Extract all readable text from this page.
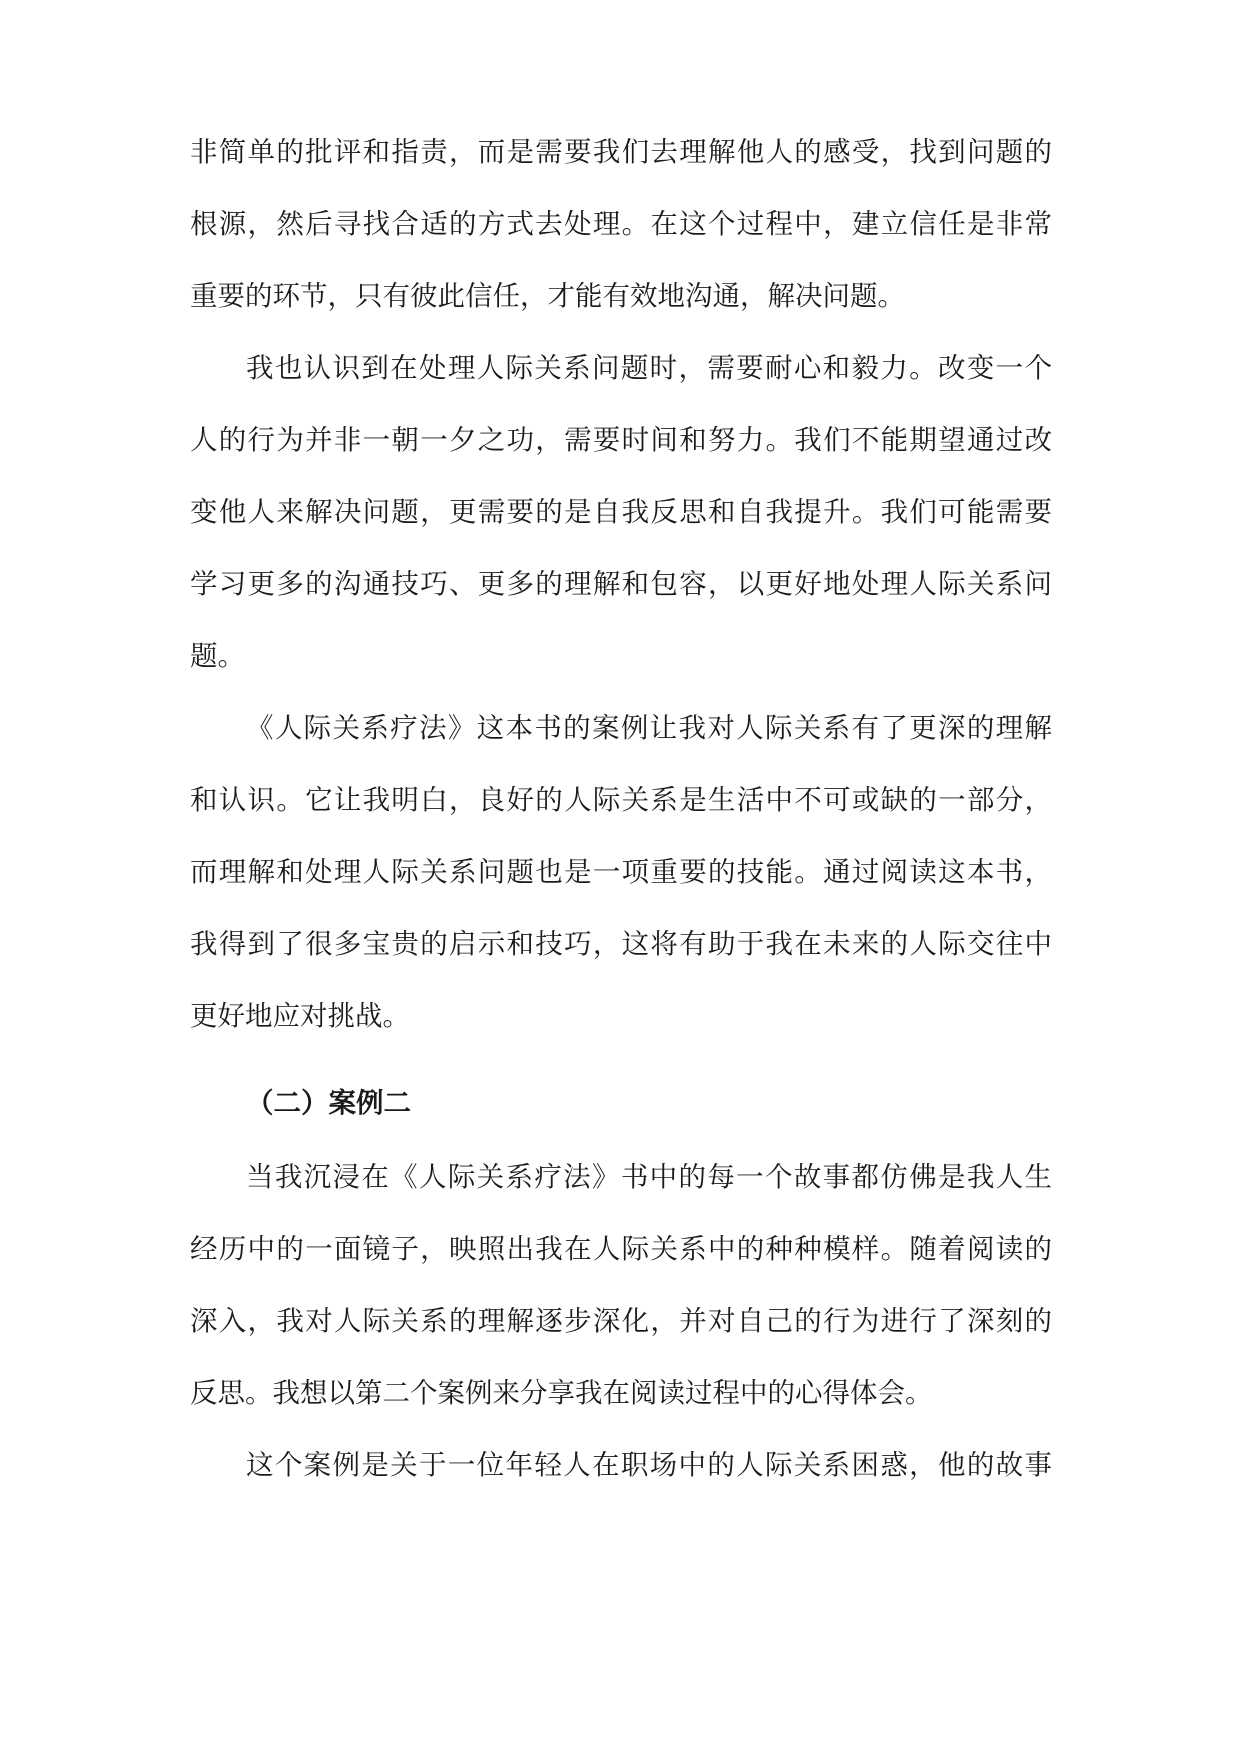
非简单的批评和指责，而是需要我们去理解他人的感受，找到问题的
根源，然后寻找合适的方式去处理。在这个过程中，建立信任是非常
重要的环节，只有彼此信任，才能有效地沟通，解决问题。
我也认识到在处理人际关系问题时，需要耐心和毅力。改变一个
人的行为并非一朝一夕之功，需要时间和努力。我们不能期望通过改
变他人来解决问题，更需要的是自我反思和自我提升。我们可能需要
学习更多的沟通技巧、更多的理解和包容，以更好地处理人际关系问
题。
《人际关系疗法》这本书的案例让我对人际关系有了更深的理解
和认识。它让我明白，良好的人际关系是生活中不可或缺的一部分，
而理解和处理人际关系问题也是一项重要的技能。通过阅读这本书，
我得到了很多宝贵的启示和技巧，这将有助于我在未来的人际交往中
更好地应对挑战。
（二）案例二
当我沉浸在《人际关系疗法》书中的每一个故事都仿佛是我人生
经历中的一面镜子，映照出我在人际关系中的种种模样。随着阅读的
深入，我对人际关系的理解逐步深化，并对自己的行为进行了深刻的
反思。我想以第二个案例来分享我在阅读过程中的心得体会。
这个案例是关于一位年轻人在职场中的人际关系困惑，他的故事
